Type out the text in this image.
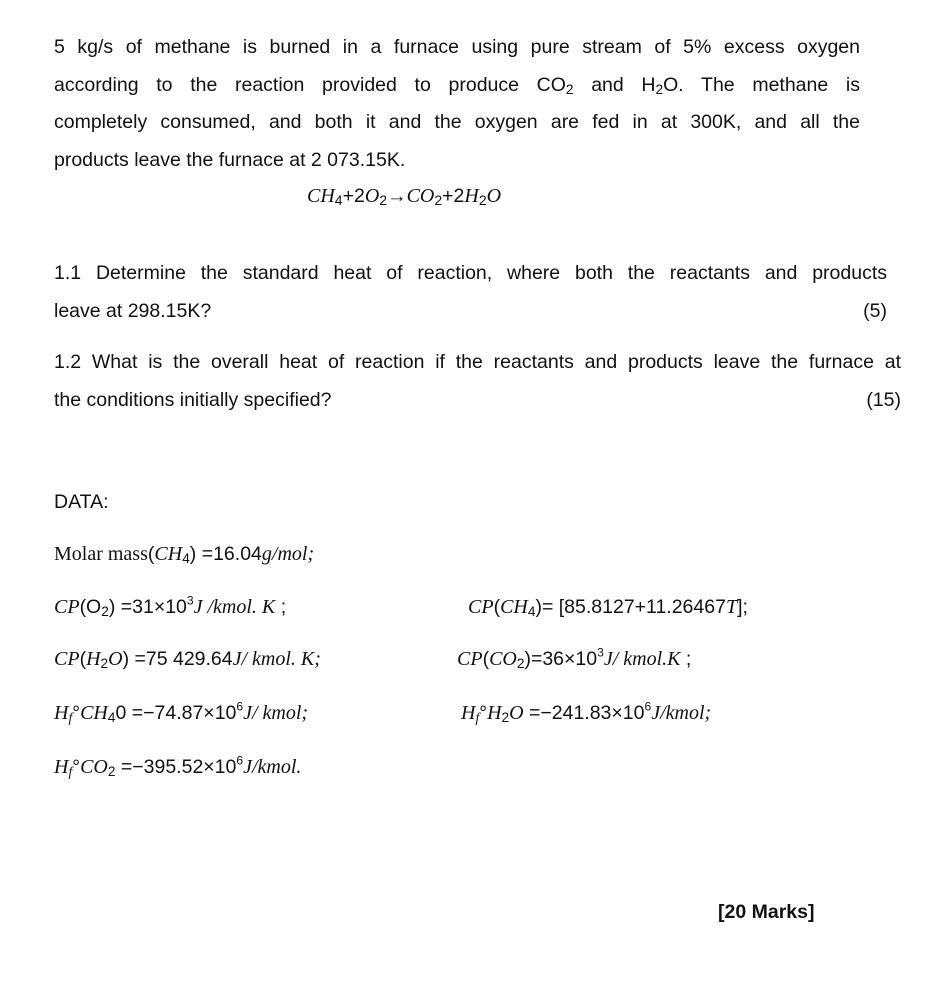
5 kg/s of methane is burned in a furnace using pure stream of 5% excess oxygen
according to the reaction provided to produce $CO_2$ and $H_2O$. The methane is
completely consumed, and both it and the oxygen are fed in at 300K, and all the
products leave the furnace at 2 073.15K.
$CH_4+2O_2\to CO_2+2H_2O$
1.1 Determine the standard heat of reaction, where both the reactants and products
leave at 298.15K?	(5)
1.2 What is the overall heat of reaction if the reactants and products leave the furnace at
the conditions initially specified?	(15)
DATA:
Molar $mass(CH_4) =16.04g/mol$;
$CP(O_2) =31\times 10^3J$ /kmol. K ;	$CP(CH_4)= [85.8127+11.26467T]$;
$CP(H_2O) =75$ 429.64J/ kmol. K;	$CP(CO_2)=36\times 10^3J/$ kmol.K ;
$H_f^\circ CH_40 =-74.87\times 10^6J/$ kmol;	$H_f^\circ H_2O$ $=-241.83\times 10^6J$/kmol;
$H_f^\circ CO_2$ $=-395.52\times 10^6J$/kmol.
[20 Marks]
